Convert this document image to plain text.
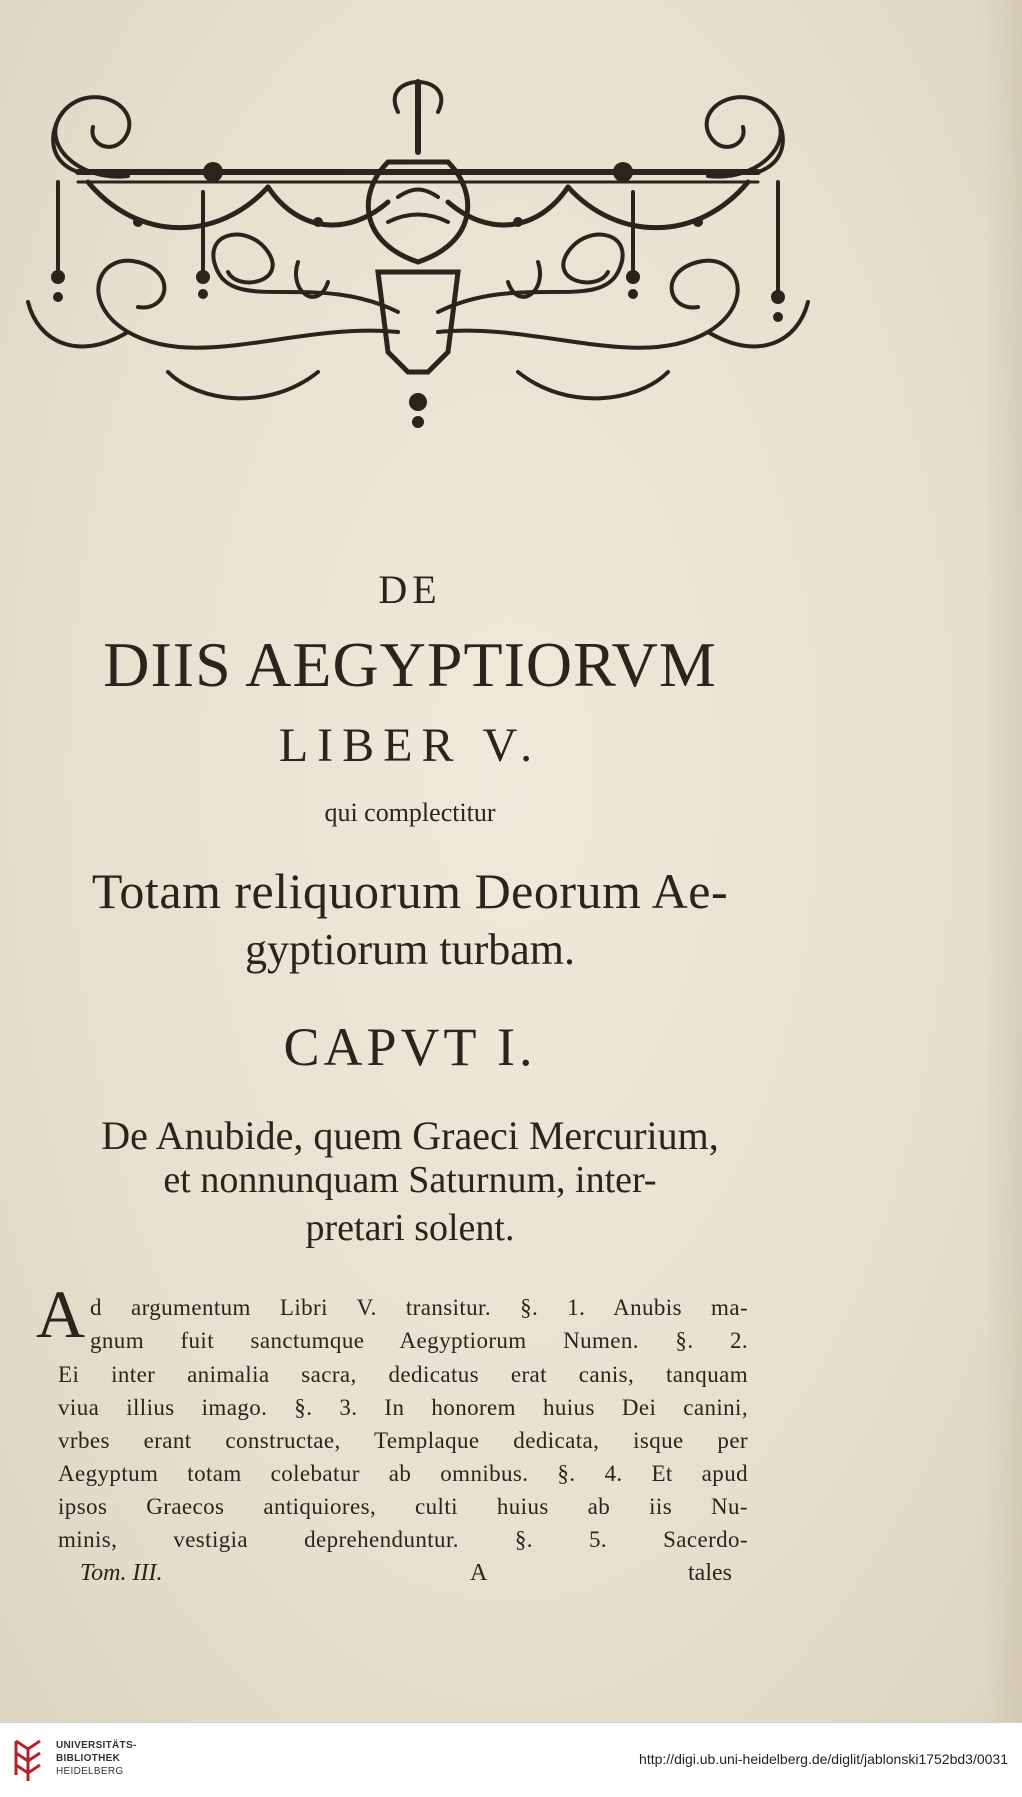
DE
DIIS AEGYPTIORVM
LIBER V.
qui complectitur
Totam reliquorum Deorum Ae-
gyptiorum turbam.
CAPVT I.
De Anubide, quem Graeci Mercurium,
et nonnunquam Saturnum, inter-
pretari solent.
A d argumentum Libri V. transitur. §. 1. Anubis ma-
gnum fuit sanctumque Aegyptiorum Numen. §. 2.
Ei inter animalia sacra, dedicatus erat canis, tanquam
viua illius imago. §. 3. In honorem huius Dei canini,
vrbes erant constructae, Templaque dedicata, isque per
Aegyptum totam colebatur ab omnibus. §. 4. Et apud
ipsos Graecos antiquiores, culti huius ab iis Nu-
minis, vestigia deprehenduntur. §. 5. Sacerdo-
Tom. III.	A	tales
UNIVERSITÄTS-
BIBLIOTHEK
HEIDELBERG
http://digi.ub.uni-heidelberg.de/diglit/jablonski1752bd3/0031
